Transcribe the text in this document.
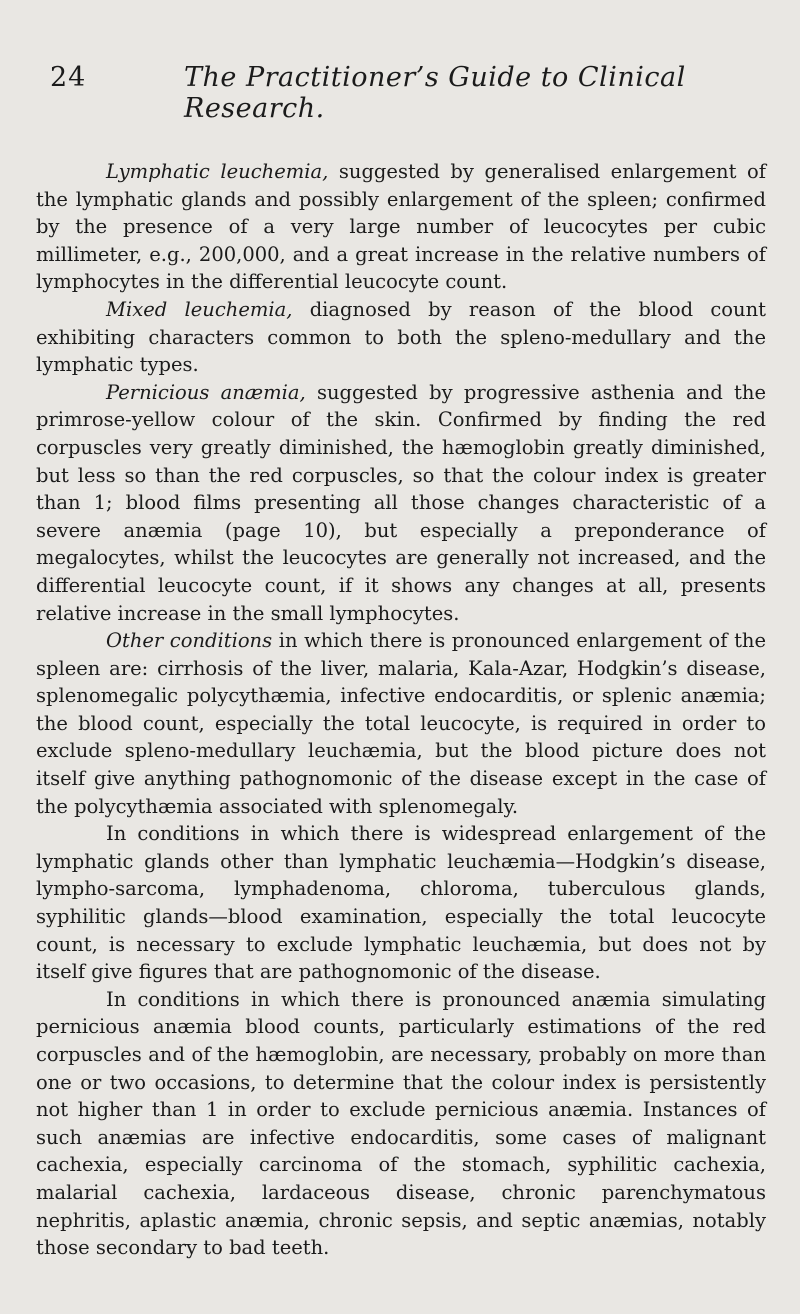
24	The Practitioner’s Guide to Clinical Research.

Lymphatic leuchemia, suggested by generalised enlargement of the lymphatic glands and possibly enlargement of the spleen; confirmed by the presence of a very large number of leucocytes per cubic millimeter, e.g., 200,000, and a great increase in the relative numbers of lymphocytes in the differential leucocyte count.

Mixed leuchemia, diagnosed by reason of the blood count exhibiting characters common to both the spleno-medullary and the lymphatic types.

Pernicious anæmia, suggested by progressive asthenia and the primrose-yellow colour of the skin. Confirmed by finding the red corpuscles very greatly diminished, the hæmoglobin greatly diminished, but less so than the red corpuscles, so that the colour index is greater than 1; blood films presenting all those changes characteristic of a severe anæmia (page 10), but especially a preponderance of megalocytes, whilst the leucocytes are generally not increased, and the differential leucocyte count, if it shows any changes at all, presents relative increase in the small lymphocytes.

Other conditions in which there is pronounced enlargement of the spleen are: cirrhosis of the liver, malaria, Kala-Azar, Hodgkin’s disease, splenomegalic polycythæmia, infective endocarditis, or splenic anæmia; the blood count, especially the total leucocyte, is required in order to exclude spleno-medullary leuchæmia, but the blood picture does not itself give anything pathognomonic of the disease except in the case of the polycythæmia associated with splenomegaly.

In conditions in which there is widespread enlargement of the lymphatic glands other than lymphatic leuchæmia—Hodgkin’s disease, lympho-sarcoma, lymphadenoma, chloroma, tuberculous glands, syphilitic glands—blood examination, especially the total leucocyte count, is necessary to exclude lymphatic leuchæmia, but does not by itself give figures that are pathognomonic of the disease.

In conditions in which there is pronounced anæmia simulating pernicious anæmia blood counts, particularly estimations of the red corpuscles and of the hæmoglobin, are necessary, probably on more than one or two occasions, to determine that the colour index is persistently not higher than 1 in order to exclude pernicious anæmia. Instances of such anæmias are infective endocarditis, some cases of malignant cachexia, especially carcinoma of the stomach, syphilitic cachexia, malarial cachexia, lardaceous disease, chronic parenchymatous nephritis, aplastic anæmia, chronic sepsis, and septic anæmias, notably those secondary to bad teeth.
